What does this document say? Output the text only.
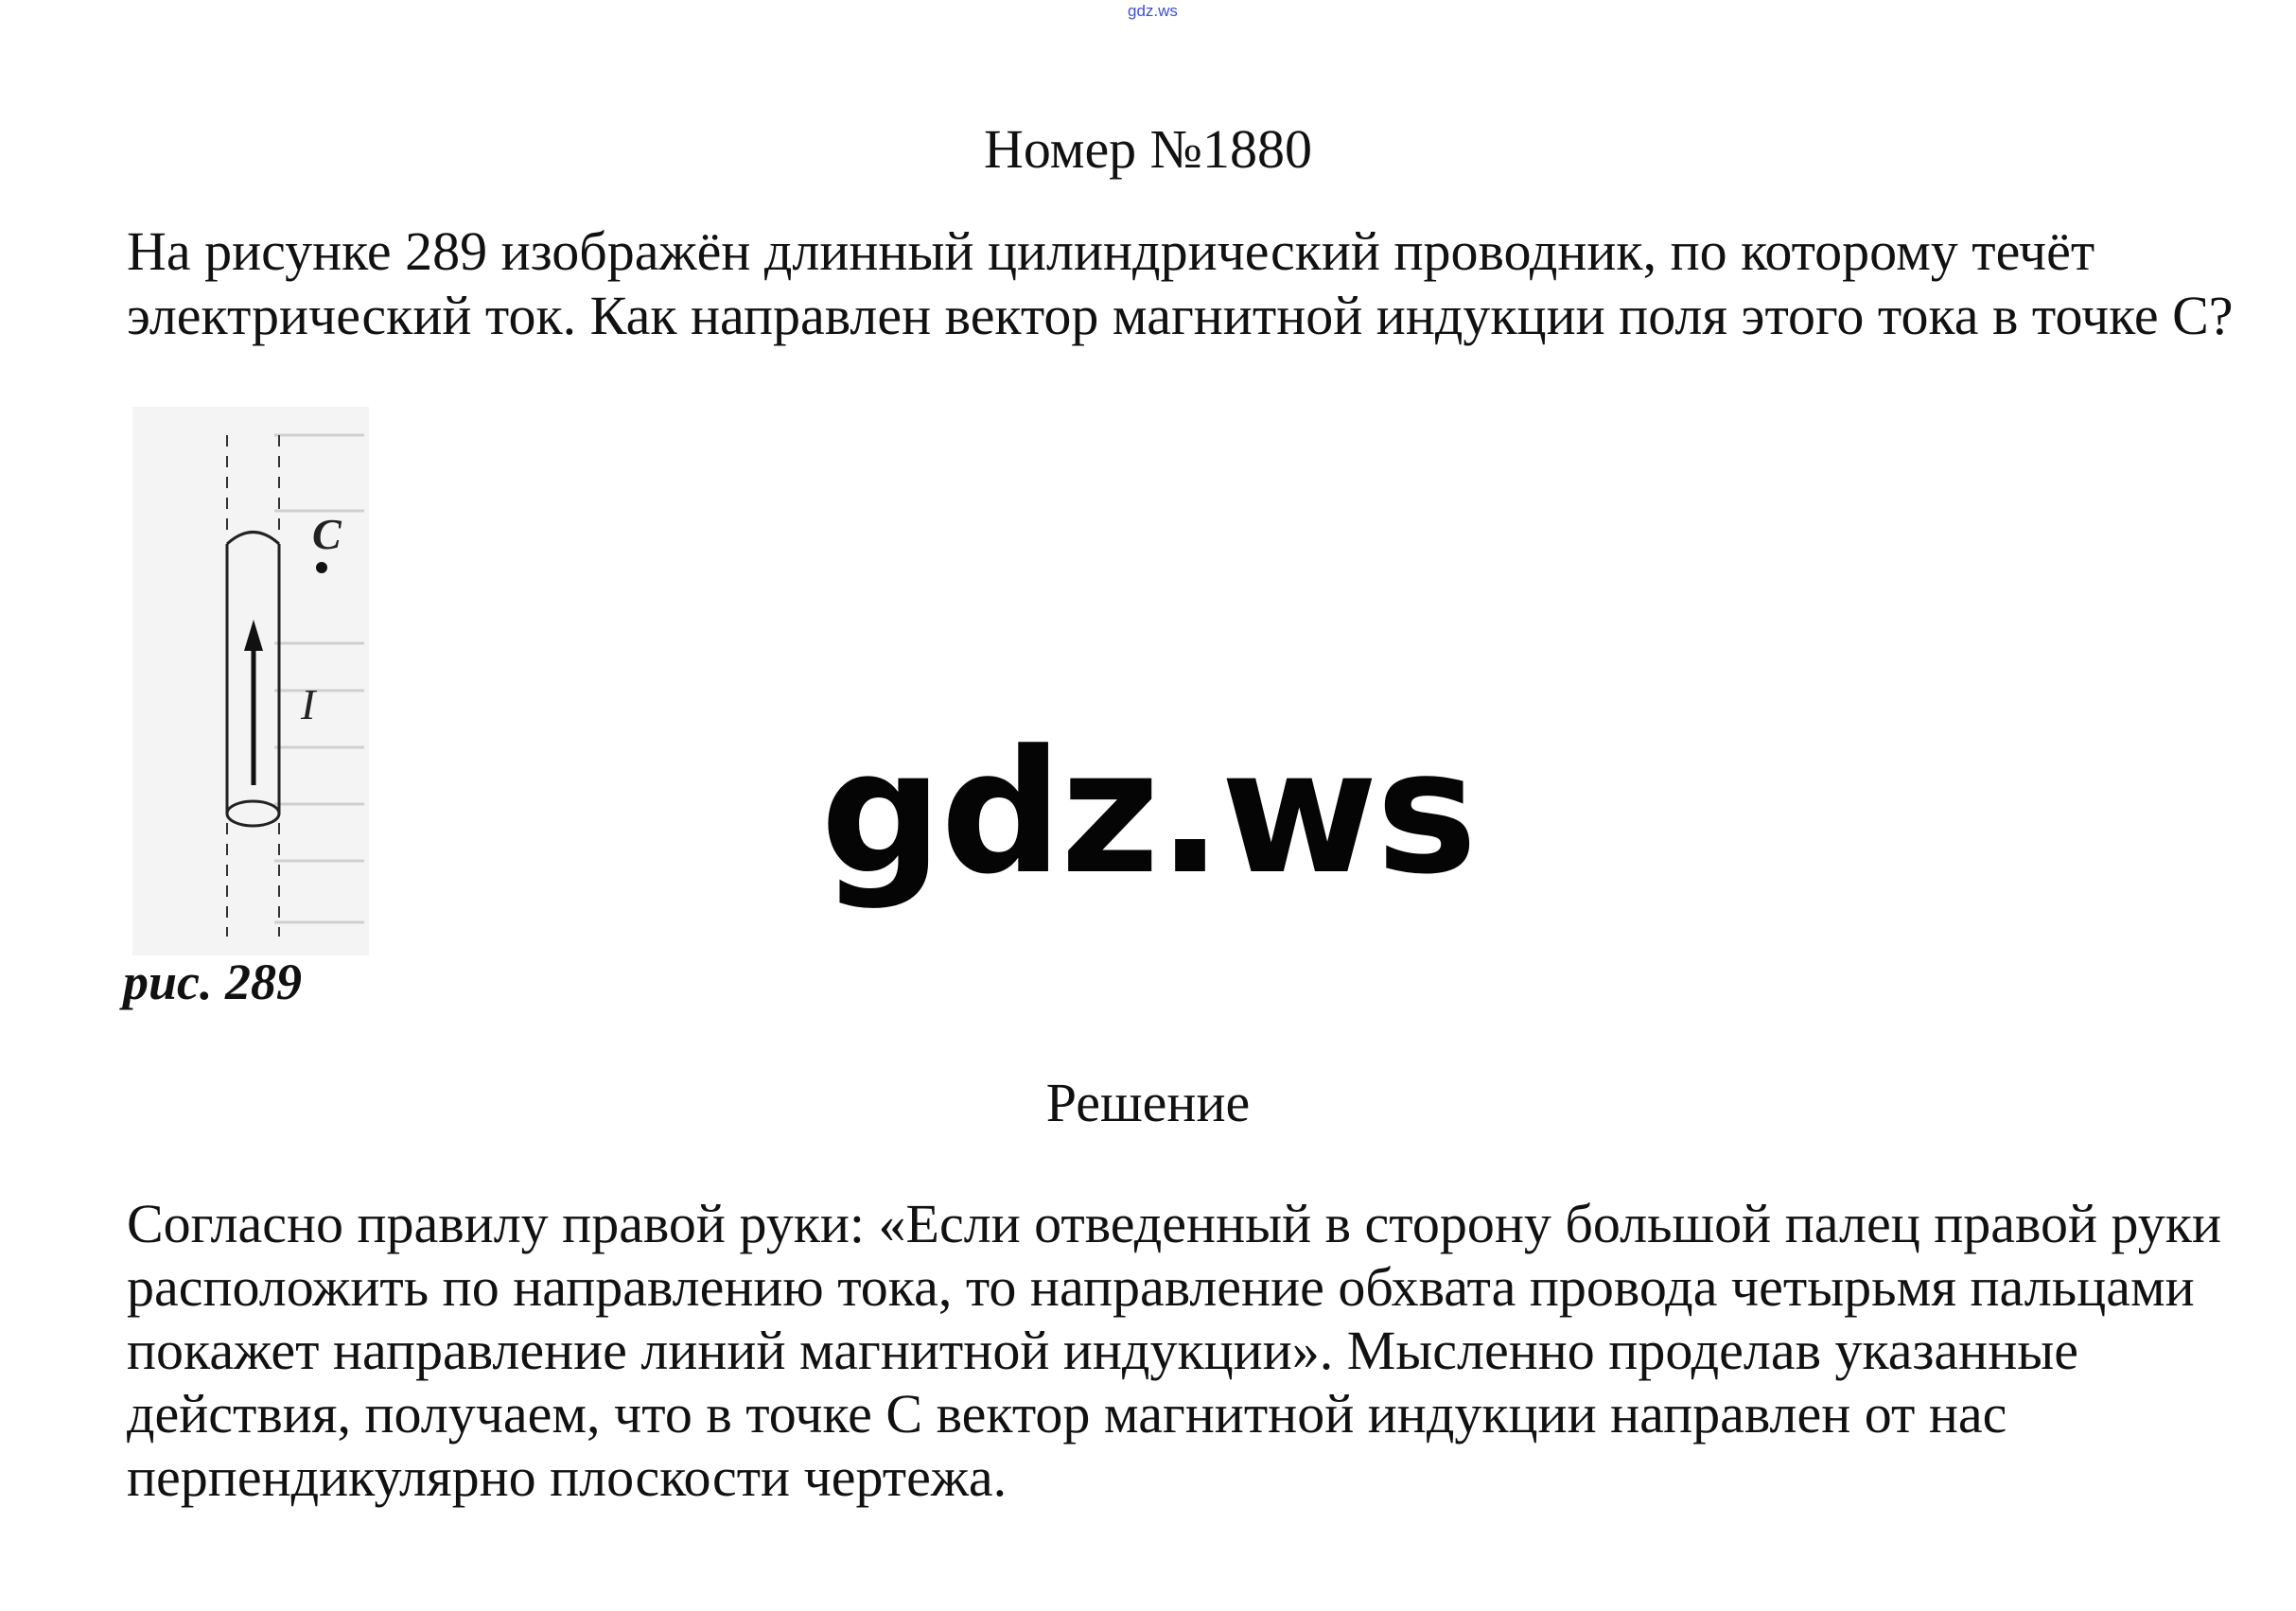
gdz.ws
Номер №1880

На рисунке 289 изображён длинный цилиндрический проводник, по которому течёт электрический ток. Как направлен вектор магнитной индукции поля этого тока в точке С?

C
I
рис. 289
gdz.ws
Решение

Согласно правилу правой руки: «Если отведенный в сторону большой палец правой руки расположить по направлению тока, то направление обхвата провода четырьмя пальцами покажет направление линий магнитной индукции». Мысленно проделав указанные действия, получаем, что в точке С вектор магнитной индукции направлен от нас перпендикулярно плоскости чертежа.
